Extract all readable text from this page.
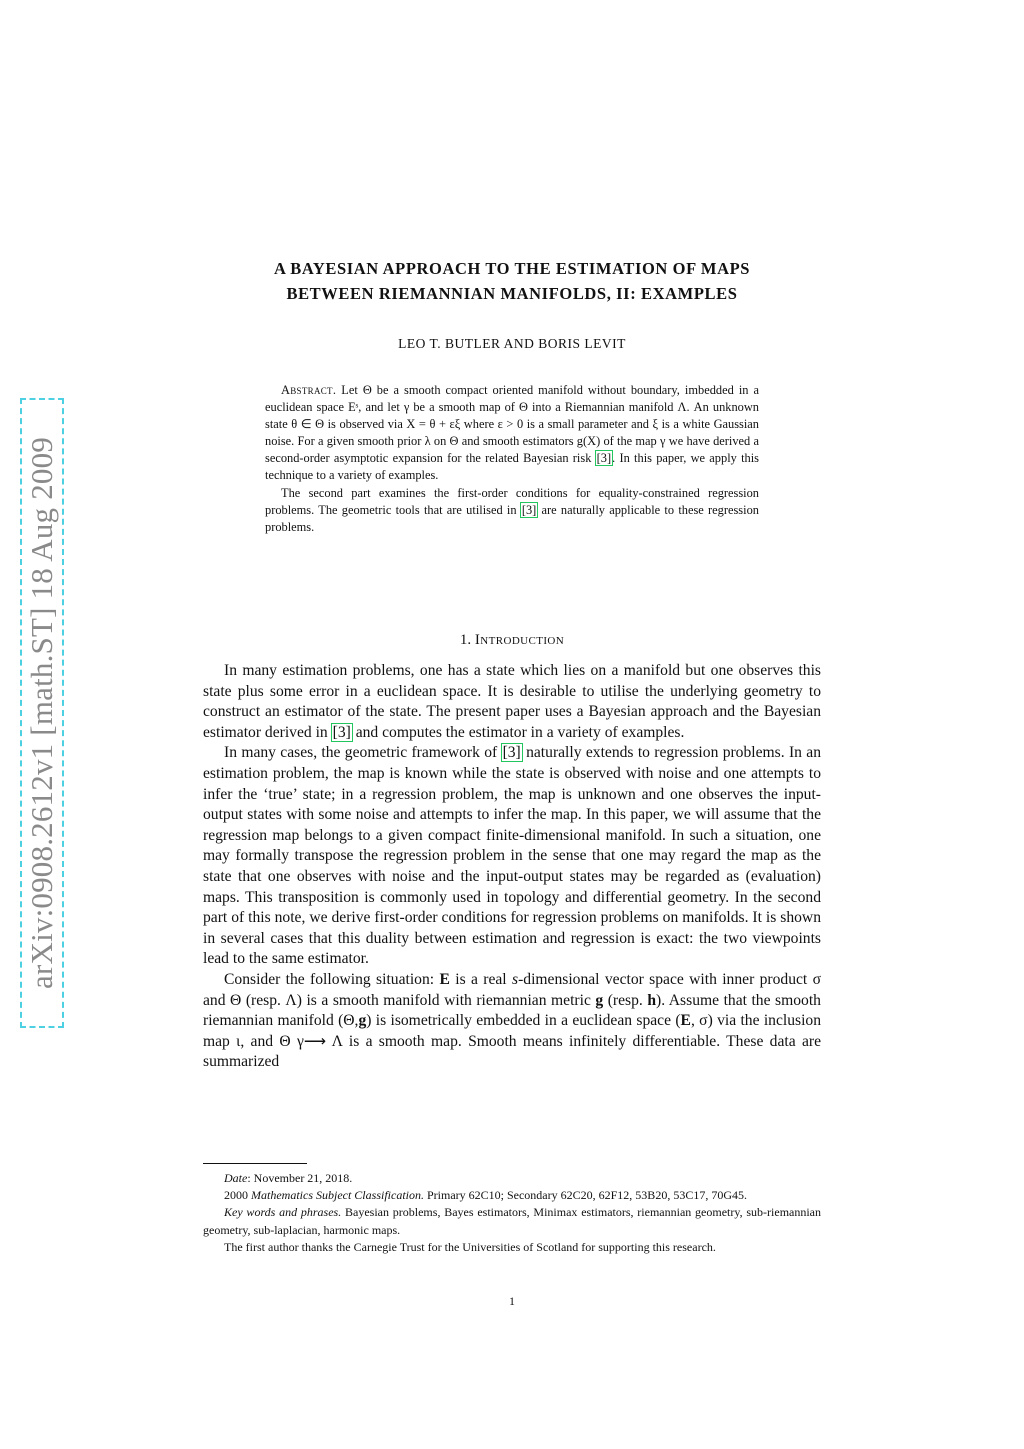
arXiv:0908.2612v1 [math.ST] 18 Aug 2009
A BAYESIAN APPROACH TO THE ESTIMATION OF MAPS
BETWEEN RIEMANNIAN MANIFOLDS, II: EXAMPLES
LEO T. BUTLER AND BORIS LEVIT

Abstract. Let Θ be a smooth compact oriented manifold without boundary, imbedded in a euclidean space Eˢ, and let γ be a smooth map of Θ into a Riemannian manifold Λ. An unknown state θ ∈ Θ is observed via X = θ + εξ where ε > 0 is a small parameter and ξ is a white Gaussian noise. For a given smooth prior λ on Θ and smooth estimators g(X) of the map γ we have derived a second-order asymptotic expansion for the related Bayesian risk [3]. In this paper, we apply this technique to a variety of examples.

The second part examines the first-order conditions for equality-constrained regression problems. The geometric tools that are utilised in [3] are naturally applicable to these regression problems.

1. Introduction

In many estimation problems, one has a state which lies on a manifold but one observes this state plus some error in a euclidean space. It is desirable to utilise the underlying geometry to construct an estimator of the state. The present paper uses a Bayesian approach and the Bayesian estimator derived in [3] and computes the estimator in a variety of examples.

In many cases, the geometric framework of [3] naturally extends to regression problems. In an estimation problem, the map is known while the state is observed with noise and one attempts to infer the ‘true’ state; in a regression problem, the map is unknown and one observes the input-output states with some noise and attempts to infer the map. In this paper, we will assume that the regression map belongs to a given compact finite-dimensional manifold. In such a situation, one may formally transpose the regression problem in the sense that one may regard the map as the state that one observes with noise and the input-output states may be regarded as (evaluation) maps. This transposition is commonly used in topology and differential geometry. In the second part of this note, we derive first-order conditions for regression problems on manifolds. It is shown in several cases that this duality between estimation and regression is exact: the two viewpoints lead to the same estimator.

Consider the following situation: E is a real s-dimensional vector space with inner product σ and Θ (resp. Λ) is a smooth manifold with riemannian metric g (resp. h). Assume that the smooth riemannian manifold (Θ,g) is isometrically embedded in a euclidean space (E, σ) via the inclusion map ι, and Θ γ⟶ Λ is a smooth map. Smooth means infinitely differentiable. These data are summarized

Date: November 21, 2018.

2000 Mathematics Subject Classification. Primary 62C10; Secondary 62C20, 62F12, 53B20, 53C17, 70G45.

Key words and phrases. Bayesian problems, Bayes estimators, Minimax estimators, riemannian geometry, sub-riemannian geometry, sub-laplacian, harmonic maps.

The first author thanks the Carnegie Trust for the Universities of Scotland for supporting this research.

1
